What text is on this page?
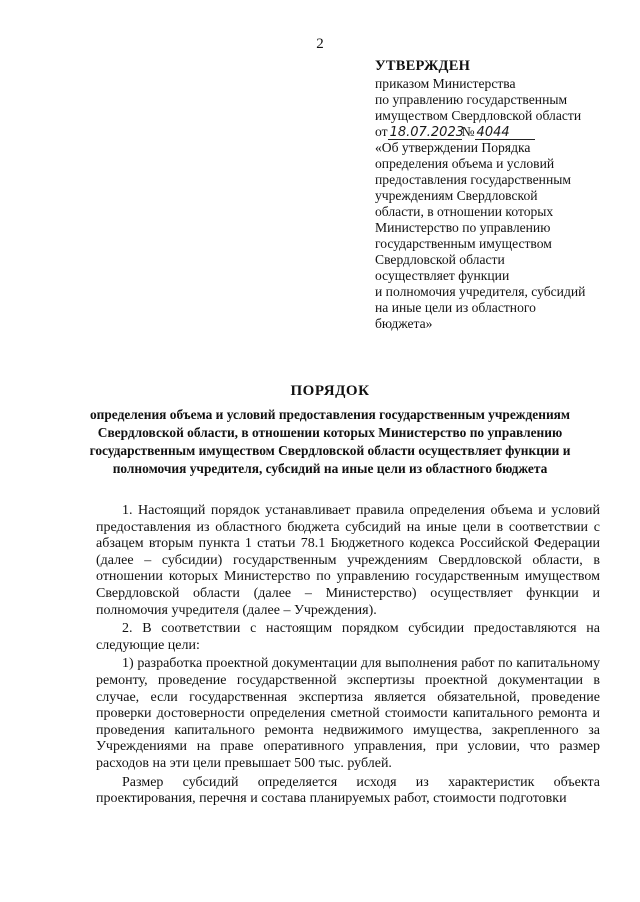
2
УТВЕРЖДЕН
приказом Министерства
по управлению государственным
имуществом Свердловской области
от 18.07.2023№ 4044
«Об утверждении Порядка
определения объема и условий
предоставления государственным
учреждениям Свердловской
области, в отношении которых
Министерство по управлению
государственным имуществом
Свердловской области
осуществляет функции
и полномочия учредителя, субсидий
на иные цели из областного
бюджета»
ПОРЯДОК
определения объема и условий предоставления государственным учреждениям
Свердловской области, в отношении которых Министерство по управлению
государственным имуществом Свердловской области осуществляет функции и
полномочия учредителя, субсидий на иные цели из областного бюджета

1. Настоящий порядок устанавливает правила определения объема и условий предоставления из областного бюджета субсидий на иные цели в соответствии с абзацем вторым пункта 1 статьи 78.1 Бюджетного кодекса Российской Федерации (далее – субсидии) государственным учреждениям Свердловской области, в отношении которых Министерство по управлению государственным имуществом Свердловской области (далее – Министерство) осуществляет функции и полномочия учредителя (далее – Учреждения).

2. В соответствии с настоящим порядком субсидии предоставляются на следующие цели:

1) разработка проектной документации для выполнения работ по капитальному ремонту, проведение государственной экспертизы проектной документации в случае, если государственная экспертиза является обязательной, проведение проверки достоверности определения сметной стоимости капитального ремонта и проведения капитального ремонта недвижимого имущества, закрепленного за Учреждениями на праве оперативного управления, при условии, что размер расходов на эти цели превышает 500 тыс. рублей.

Размер субсидий определяется исходя из характеристик объекта проектирования, перечня и состава планируемых работ, стоимости подготовки
